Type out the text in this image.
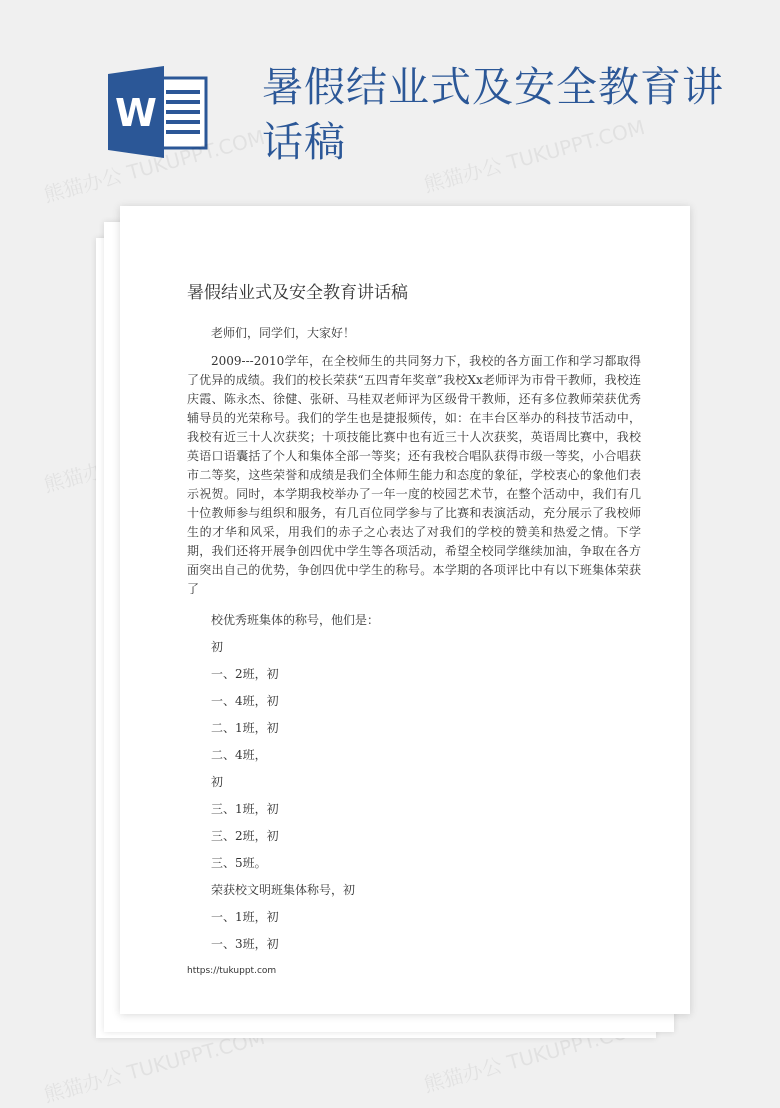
W
暑假结业式及安全教育讲话稿
熊猫办公 TUKUPPT.COM	熊猫办公 TUKUPPT.COM
熊猫办公
熊猫办公 TUKUPPT.COM	熊猫办公 TUKUPPT.COM
暑假结业式及安全教育讲话稿

老师们，同学们，大家好！

2009---2010学年，在全校师生的共同努力下，我校的各方面工作和学习都取得了优异的成绩。我们的校长荣获“五四青年奖章”我校Xx老师评为市骨干教师，我校连庆霞、陈永杰、徐健、张研、马桂双老师评为区级骨干教师，还有多位教师荣获优秀辅导员的光荣称号。我们的学生也是捷报频传，如：在丰台区举办的科技节活动中，我校有近三十人次获奖；十项技能比赛中也有近三十人次获奖，英语周比赛中，我校英语口语囊括了个人和集体全部一等奖；还有我校合唱队获得市级一等奖，小合唱获市二等奖，这些荣誉和成绩是我们全体师生能力和态度的象征，学校衷心的象他们表示祝贺。同时，本学期我校举办了一年一度的校园艺术节，在整个活动中，我们有几十位教师参与组织和服务，有几百位同学参与了比赛和表演活动，充分展示了我校师生的才华和风采，用我们的赤子之心表达了对我们的学校的赞美和热爱之情。下学期，我们还将开展争创四优中学生等各项活动，希望全校同学继续加油，争取在各方面突出自己的优势，争创四优中学生的称号。本学期的各项评比中有以下班集体荣获了

校优秀班集体的称号，他们是：
初
一、2班，初
一、4班，初
二、1班，初
二、4班，
初
三、1班，初
三、2班，初
三、5班。
荣获校文明班集体称号，初
一、1班，初
一、3班，初
https://tukuppt.com
